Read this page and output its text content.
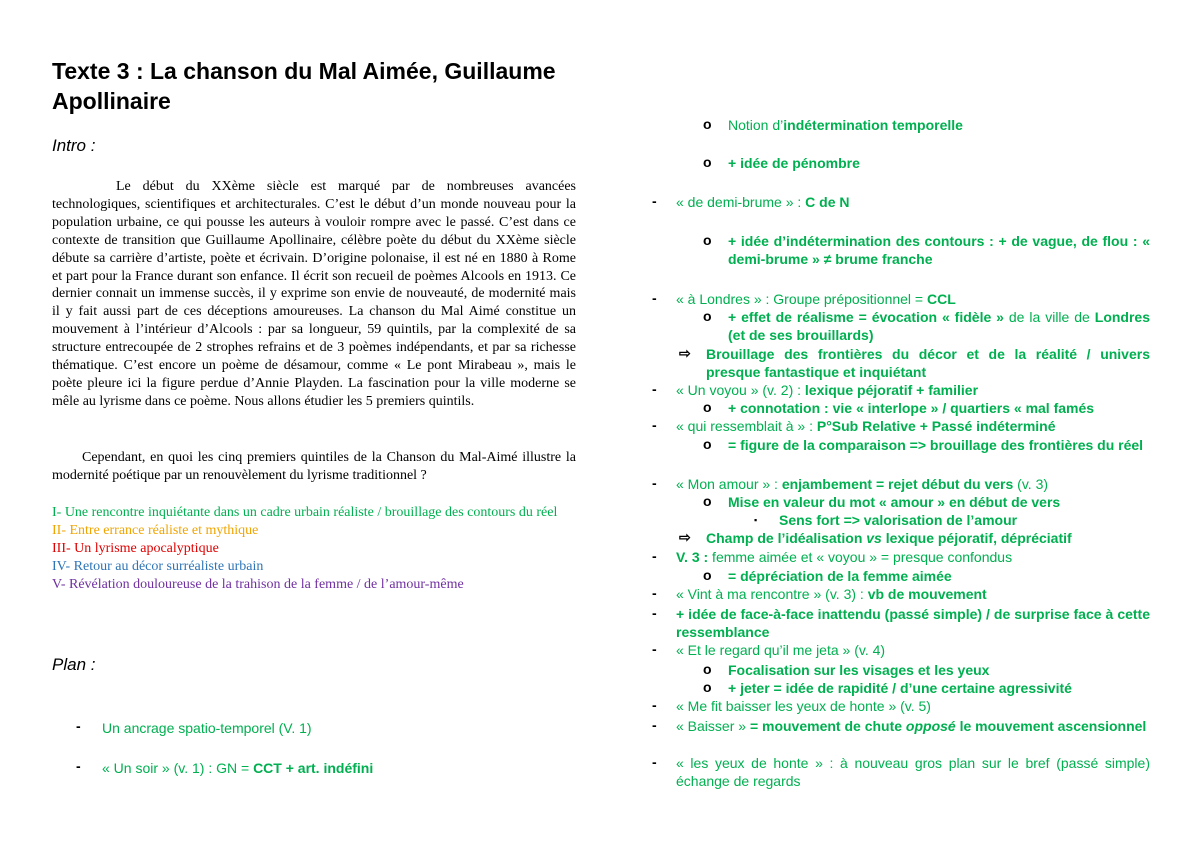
Texte 3 : La chanson du Mal Aimée, Guillaume Apollinaire
Intro :
Le début du XXème siècle est marqué par de nombreuses avancées technologiques, scientifiques et architecturales. C’est le début d’un monde nouveau pour la population urbaine, ce qui pousse les auteurs à vouloir rompre avec le passé. C’est dans ce contexte de transition que Guillaume Apollinaire, célèbre poète du début du XXème siècle débute sa carrière d’artiste, poète et écrivain. D’origine polonaise, il est né en 1880 à Rome et part pour la France durant son enfance. Il écrit son recueil de poèmes Alcools en 1913. Ce dernier connait un immense succès, il y exprime son envie de nouveauté, de modernité mais il y fait aussi part de ces déceptions amoureuses. La chanson du Mal Aimé constitue un mouvement à l’intérieur d’Alcools : par sa longueur, 59 quintils, par la complexité de sa structure entrecoupée de 2 strophes refrains et de 3 poèmes indépendants, et par sa richesse thématique. C’est encore un poème de désamour, comme « Le pont Mirabeau », mais le poète pleure ici la figure perdue d’Annie Playden. La fascination pour la ville moderne se mêle au lyrisme dans ce poème. Nous allons étudier les 5 premiers quintils.
Cependant, en quoi les cinq premiers quintiles de la Chanson du Mal-Aimé illustre la modernité poétique par un renouvèlement du lyrisme traditionnel ?
I- Une rencontre inquiétante dans un cadre urbain réaliste / brouillage des contours du réel
II- Entre errance réaliste et mythique
III- Un lyrisme apocalyptique
IV- Retour au décor surréaliste urbain
V- Révélation douloureuse de la trahison de la femme / de l’amour-même
Plan :
- Un ancrage spatio-temporel (V. 1)
- « Un soir » (v. 1) : GN = CCT + art. indéfini
o Notion d’indétermination temporelle
o + idée de pénombre
- « de demi-brume » : C de N
o + idée d’indétermination des contours : + de vague, de flou : « demi-brume » ≠ brume franche
- « à Londres » : Groupe prépositionnel = CCL
o + effet de réalisme = évocation « fidèle » de la ville de Londres (et de ses brouillards)
⇨ Brouillage des frontières du décor et de la réalité / univers presque fantastique et inquiétant
- « Un voyou » (v. 2) : lexique péjoratif + familier
o + connotation : vie « interlope » / quartiers « mal famés
- « qui ressemblait à » : P°Sub Relative + Passé indéterminé
o = figure de la comparaison => brouillage des frontières du réel
- « Mon amour » : enjambement = rejet début du vers (v. 3)
o Mise en valeur du mot « amour » en début de vers
▪ Sens fort => valorisation de l’amour
⇨ Champ de l’idéalisation vs lexique péjoratif, dépréciatif
- V. 3 : femme aimée et « voyou » = presque confondus
o = dépréciation de la femme aimée
- « Vint à ma rencontre » (v. 3) : vb de mouvement
- + idée de face-à-face inattendu (passé simple) / de surprise face à cette ressemblance
- « Et le regard qu’il me jeta » (v. 4)
o Focalisation sur les visages et les yeux
o + jeter = idée de rapidité / d’une certaine agressivité
- « Me fit baisser les yeux de honte » (v. 5)
- « Baisser » = mouvement de chute opposé le mouvement ascensionnel
- « les yeux de honte » : à nouveau gros plan sur le bref (passé simple) échange de regards
